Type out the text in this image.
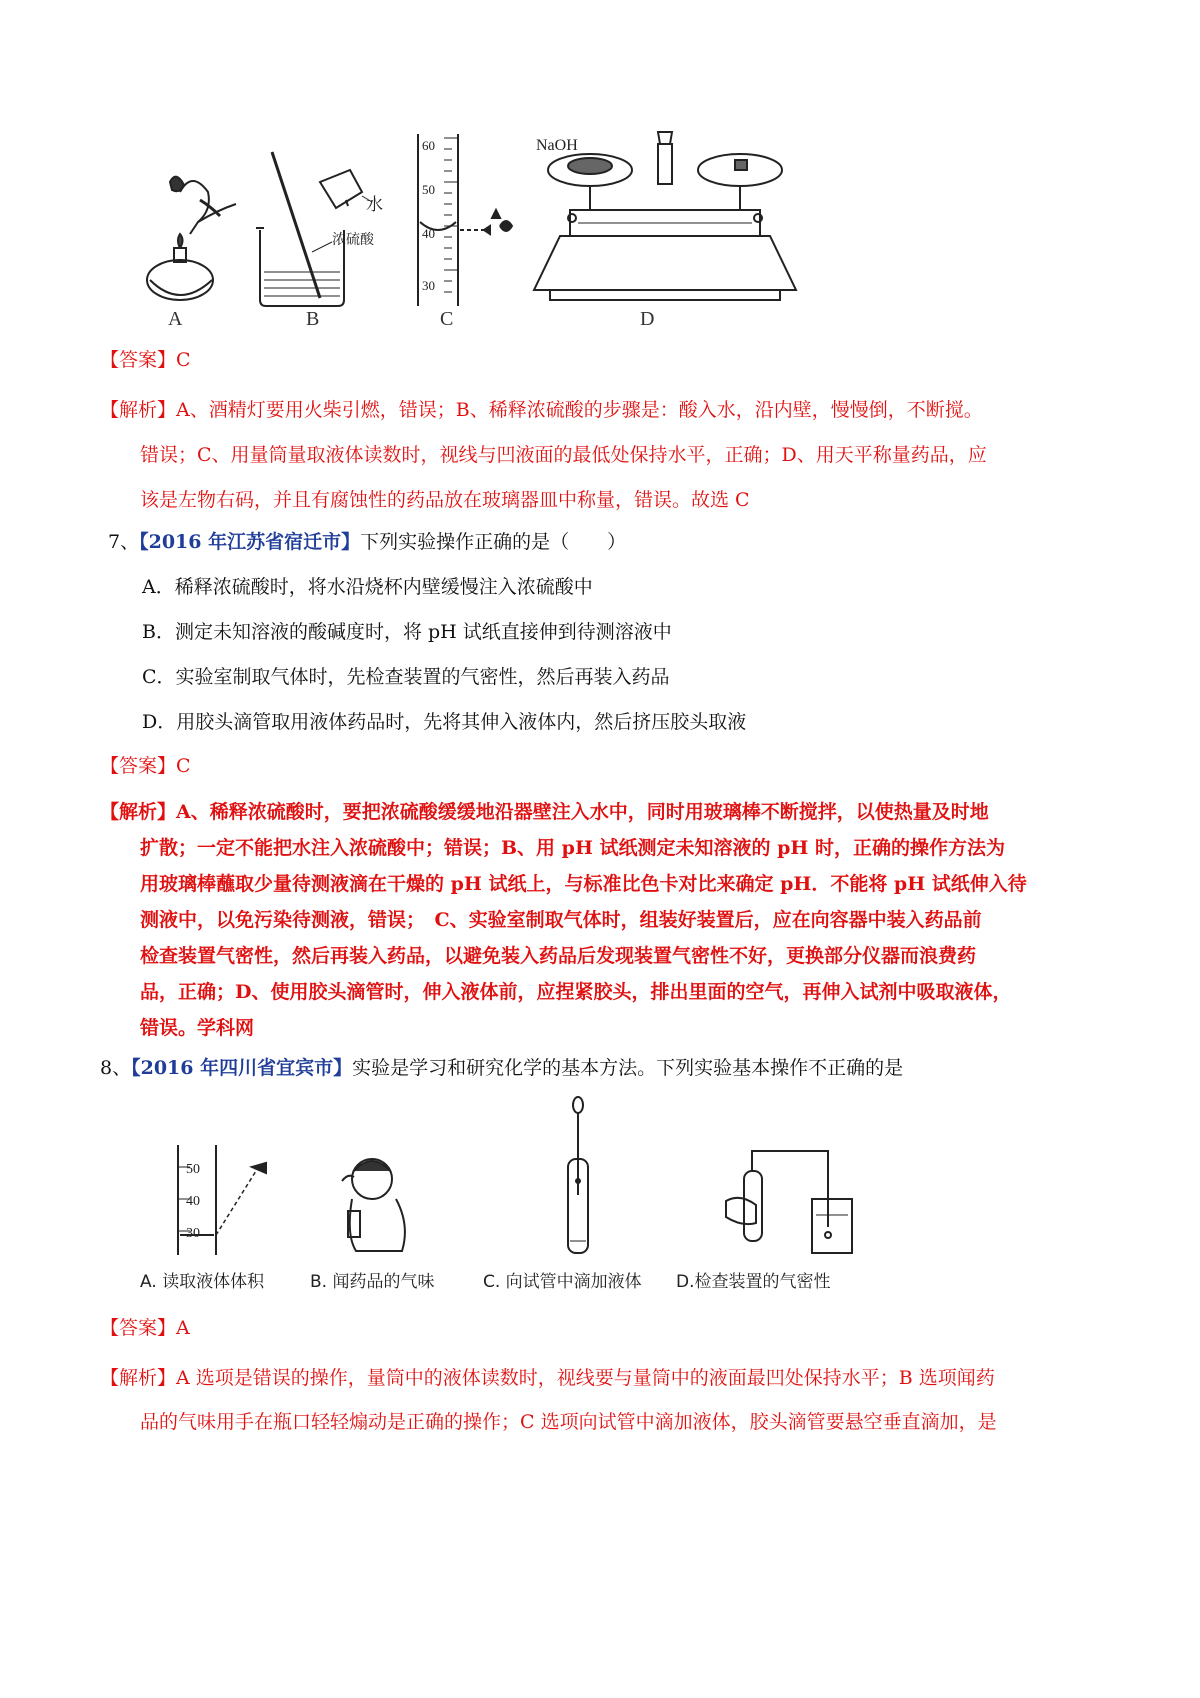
A
水
浓硫酸
B
60
50
40
30
C
NaOH
D
【答案】C
【解析】A、酒精灯要用火柴引燃，错误；B、稀释浓硫酸的步骤是：酸入水，沿内壁，慢慢倒，不断搅。
错误；C、用量筒量取液体读数时，视线与凹液面的最低处保持水平，正确；D、用天平称量药品，应
该是左物右码，并且有腐蚀性的药品放在玻璃器皿中称量，错误。故选 C
7、【2016 年江苏省宿迁市】下列实验操作正确的是（　　）
A．稀释浓硫酸时，将水沿烧杯内壁缓慢注入浓硫酸中
B．测定未知溶液的酸碱度时，将 pH 试纸直接伸到待测溶液中
C．实验室制取气体时，先检查装置的气密性，然后再装入药品
D．用胶头滴管取用液体药品时，先将其伸入液体内，然后挤压胶头取液
【答案】C
【解析】A、稀释浓硫酸时，要把浓硫酸缓缓地沿器壁注入水中，同时用玻璃棒不断搅拌，以使热量及时地
扩散；一定不能把水注入浓硫酸中；错误；B、用 pH 试纸测定未知溶液的 pH 时，正确的操作方法为
用玻璃棒蘸取少量待测液滴在干燥的 pH 试纸上，与标准比色卡对比来确定 pH．不能将 pH 试纸伸入待
测液中，以免污染待测液，错误；　C、实验室制取气体时，组装好装置后，应在向容器中装入药品前
检查装置气密性，然后再装入药品，以避免装入药品后发现装置气密性不好，更换部分仪器而浪费药
品，正确；D、使用胶头滴管时，伸入液体前，应捏紧胶头，排出里面的空气，再伸入试剂中吸取液体，
错误。学科网
8、【2016 年四川省宜宾市】实验是学习和研究化学的基本方法。下列实验基本操作不正确的是
50
40
30
A. 读取液体体积	B. 闻药品的气味	C. 向试管中滴加液体 D.检查装置的气密性
【答案】A
【解析】A 选项是错误的操作，量筒中的液体读数时，视线要与量筒中的液面最凹处保持水平；B 选项闻药
品的气味用手在瓶口轻轻煽动是正确的操作；C 选项向试管中滴加液体，胶头滴管要悬空垂直滴加，是
